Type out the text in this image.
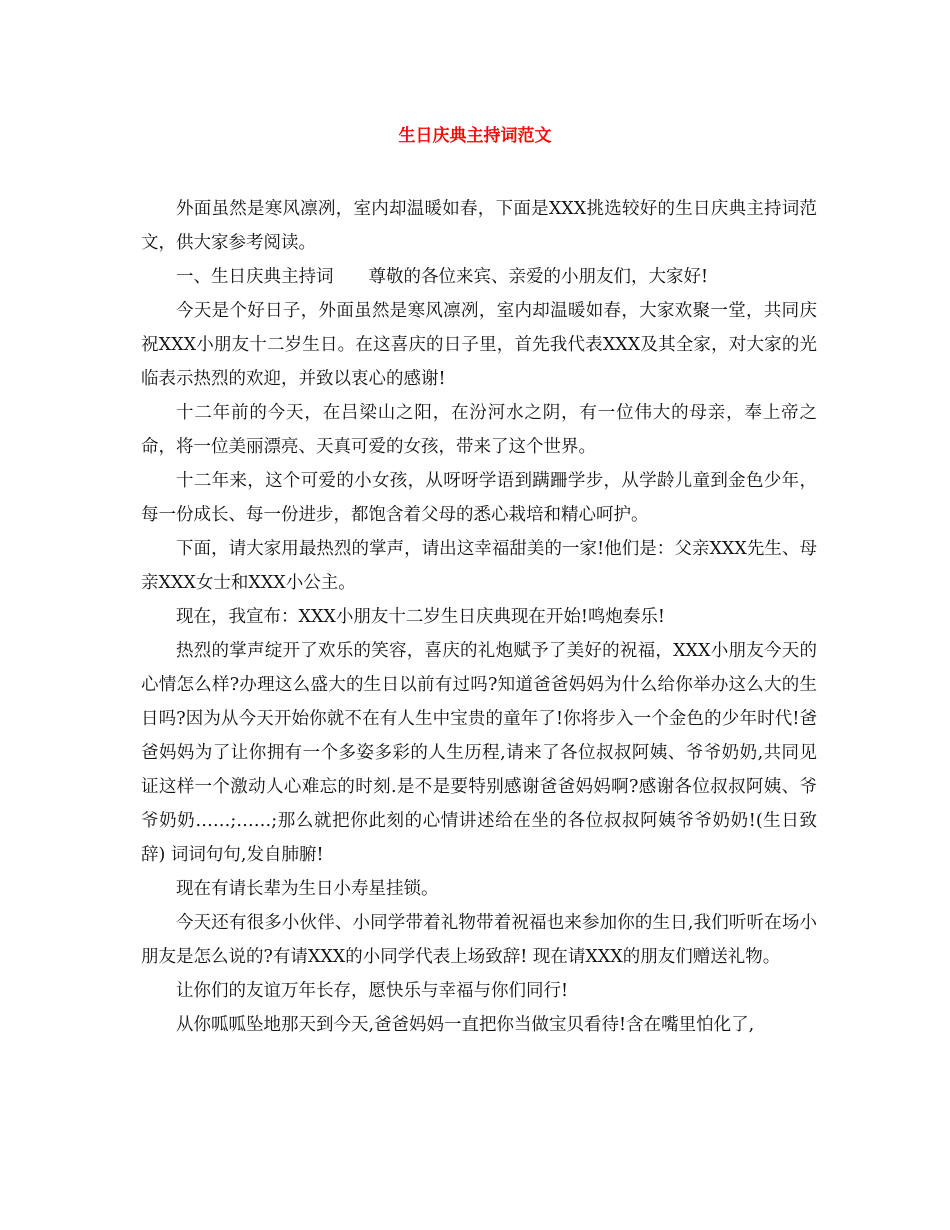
生日庆典主持词范文

外面虽然是寒风凛冽，室内却温暖如春，下面是XXX挑选较好的生日庆典主持词范文，供大家参考阅读。

一、生日庆典主持词　　尊敬的各位来宾、亲爱的小朋友们，大家好!

今天是个好日子，外面虽然是寒风凛冽，室内却温暖如春，大家欢聚一堂，共同庆祝XXX小朋友十二岁生日。在这喜庆的日子里，首先我代表XXX及其全家，对大家的光临表示热烈的欢迎，并致以衷心的感谢!

十二年前的今天，在吕梁山之阳，在汾河水之阴，有一位伟大的母亲，奉上帝之命，将一位美丽漂亮、天真可爱的女孩，带来了这个世界。

十二年来，这个可爱的小女孩，从呀呀学语到蹒跚学步，从学龄儿童到金色少年，每一份成长、每一份进步，都饱含着父母的悉心栽培和精心呵护。

下面，请大家用最热烈的掌声，请出这幸福甜美的一家!他们是：父亲XXX先生、母亲XXX女士和XXX小公主。

现在，我宣布：XXX小朋友十二岁生日庆典现在开始!鸣炮奏乐!

热烈的掌声绽开了欢乐的笑容，喜庆的礼炮赋予了美好的祝福，XXX小朋友今天的心情怎么样?办理这么盛大的生日以前有过吗?知道爸爸妈妈为什么给你举办这么大的生日吗?因为从今天开始你就不在有人生中宝贵的童年了!你将步入一个金色的少年时代!爸爸妈妈为了让你拥有一个多姿多彩的人生历程,请来了各位叔叔阿姨、爷爷奶奶,共同见证这样一个激动人心难忘的时刻.是不是要特别感谢爸爸妈妈啊?感谢各位叔叔阿姨、爷爷奶奶……;……;那么就把你此刻的心情讲述给在坐的各位叔叔阿姨爷爷奶奶!(生日致辞) 词词句句,发自肺腑!

现在有请长辈为生日小寿星挂锁。

今天还有很多小伙伴、小同学带着礼物带着祝福也来参加你的生日,我们听听在场小朋友是怎么说的?有请XXX的小同学代表上场致辞! 现在请XXX的朋友们赠送礼物。

让你们的友谊万年长存，愿快乐与幸福与你们同行!

从你呱呱坠地那天到今天,爸爸妈妈一直把你当做宝贝看待!含在嘴里怕化了,
